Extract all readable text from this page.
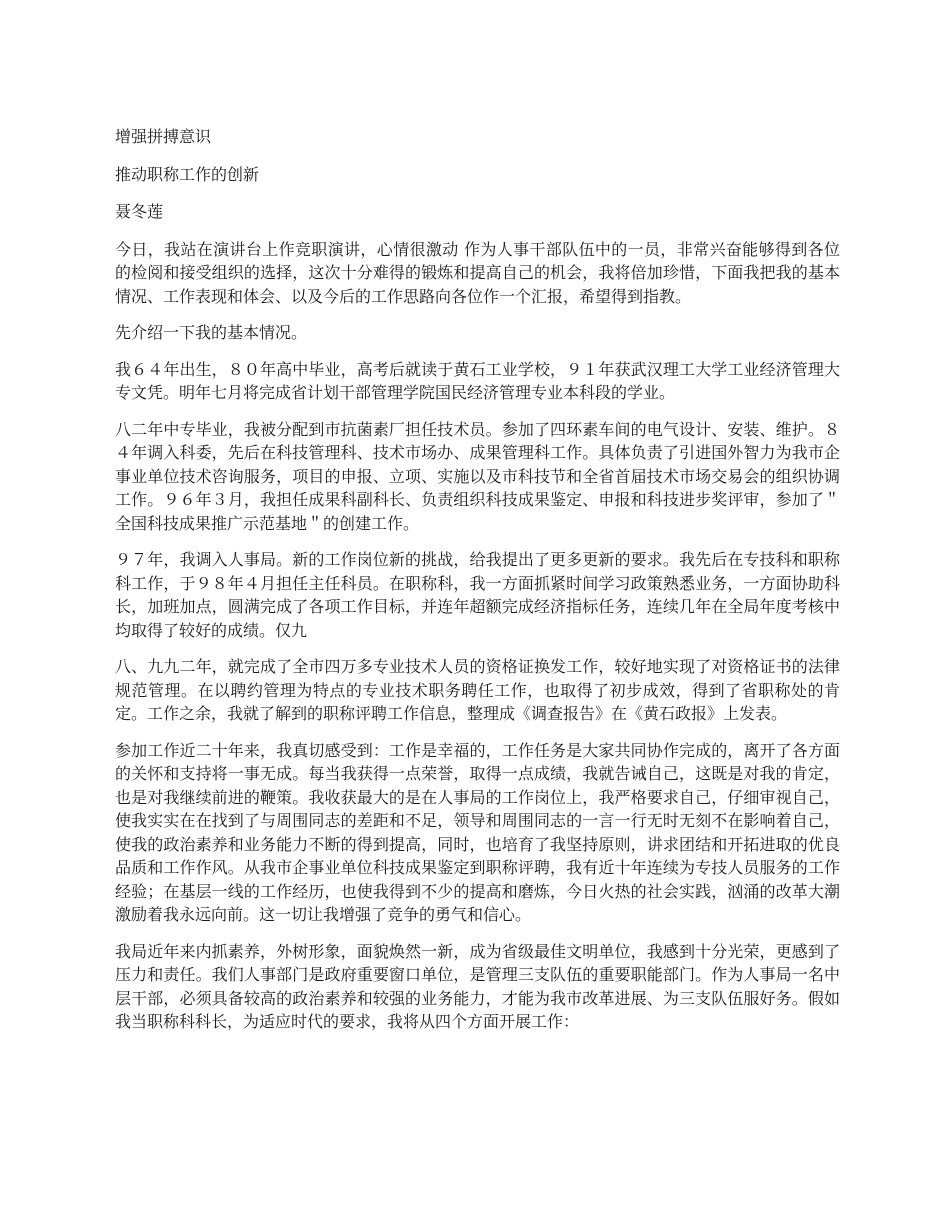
增强拼搏意识

推动职称工作的创新

聂冬莲

今日，我站在演讲台上作竞职演讲，心情很激动 作为人事干部队伍中的一员，非常兴奋能够得到各位的检阅和接受组织的选择，这次十分难得的锻炼和提高自己的机会，我将倍加珍惜，下面我把我的基本情况、工作表现和体会、以及今后的工作思路向各位作一个汇报，希望得到指教。

先介绍一下我的基本情况。

我６４年出生，８０年高中毕业，高考后就读于黄石工业学校，９１年获武汉理工大学工业经济管理大专文凭。明年七月将完成省计划干部管理学院国民经济管理专业本科段的学业。

八二年中专毕业，我被分配到市抗菌素厂担任技术员。参加了四环素车间的电气设计、安装、维护。８４年调入科委，先后在科技管理科、技术市场办、成果管理科工作。具体负责了引进国外智力为我市企事业单位技术咨询服务，项目的申报、立项、实施以及市科技节和全省首届技术市场交易会的组织协调工作。９６年３月，我担任成果科副科长、负责组织科技成果鉴定、申报和科技进步奖评审，参加了＂全国科技成果推广示范基地＂的创建工作。

９７年，我调入人事局。新的工作岗位新的挑战，给我提出了更多更新的要求。我先后在专技科和职称科工作，于９８年４月担任主任科员。在职称科，我一方面抓紧时间学习政策熟悉业务，一方面协助科长，加班加点，圆满完成了各项工作目标，并连年超额完成经济指标任务，连续几年在全局年度考核中均取得了较好的成绩。仅九

八、九九二年，就完成了全市四万多专业技术人员的资格证换发工作，较好地实现了对资格证书的法律规范管理。在以聘约管理为特点的专业技术职务聘任工作，也取得了初步成效，得到了省职称处的肯定。工作之余，我就了解到的职称评聘工作信息，整理成《调查报告》在《黄石政报》上发表。

参加工作近二十年来，我真切感受到：工作是幸福的，工作任务是大家共同协作完成的，离开了各方面的关怀和支持将一事无成。每当我获得一点荣誉，取得一点成绩，我就告诫自己，这既是对我的肯定，也是对我继续前进的鞭策。我收获最大的是在人事局的工作岗位上，我严格要求自己，仔细审视自己，使我实实在在找到了与周围同志的差距和不足，领导和周围同志的一言一行无时无刻不在影响着自己，使我的政治素养和业务能力不断的得到提高，同时，也培育了我坚持原则，讲求团结和开拓进取的优良品质和工作作风。从我市企事业单位科技成果鉴定到职称评聘，我有近十年连续为专技人员服务的工作经验；在基层一线的工作经历，也使我得到不少的提高和磨炼，今日火热的社会实践，汹涌的改革大潮激励着我永远向前。这一切让我增强了竞争的勇气和信心。

我局近年来内抓素养，外树形象，面貌焕然一新，成为省级最佳文明单位，我感到十分光荣，更感到了压力和责任。我们人事部门是政府重要窗口单位，是管理三支队伍的重要职能部门。作为人事局一名中层干部，必须具备较高的政治素养和较强的业务能力，才能为我市改革进展、为三支队伍服好务。假如我当职称科科长，为适应时代的要求，我将从四个方面开展工作：
